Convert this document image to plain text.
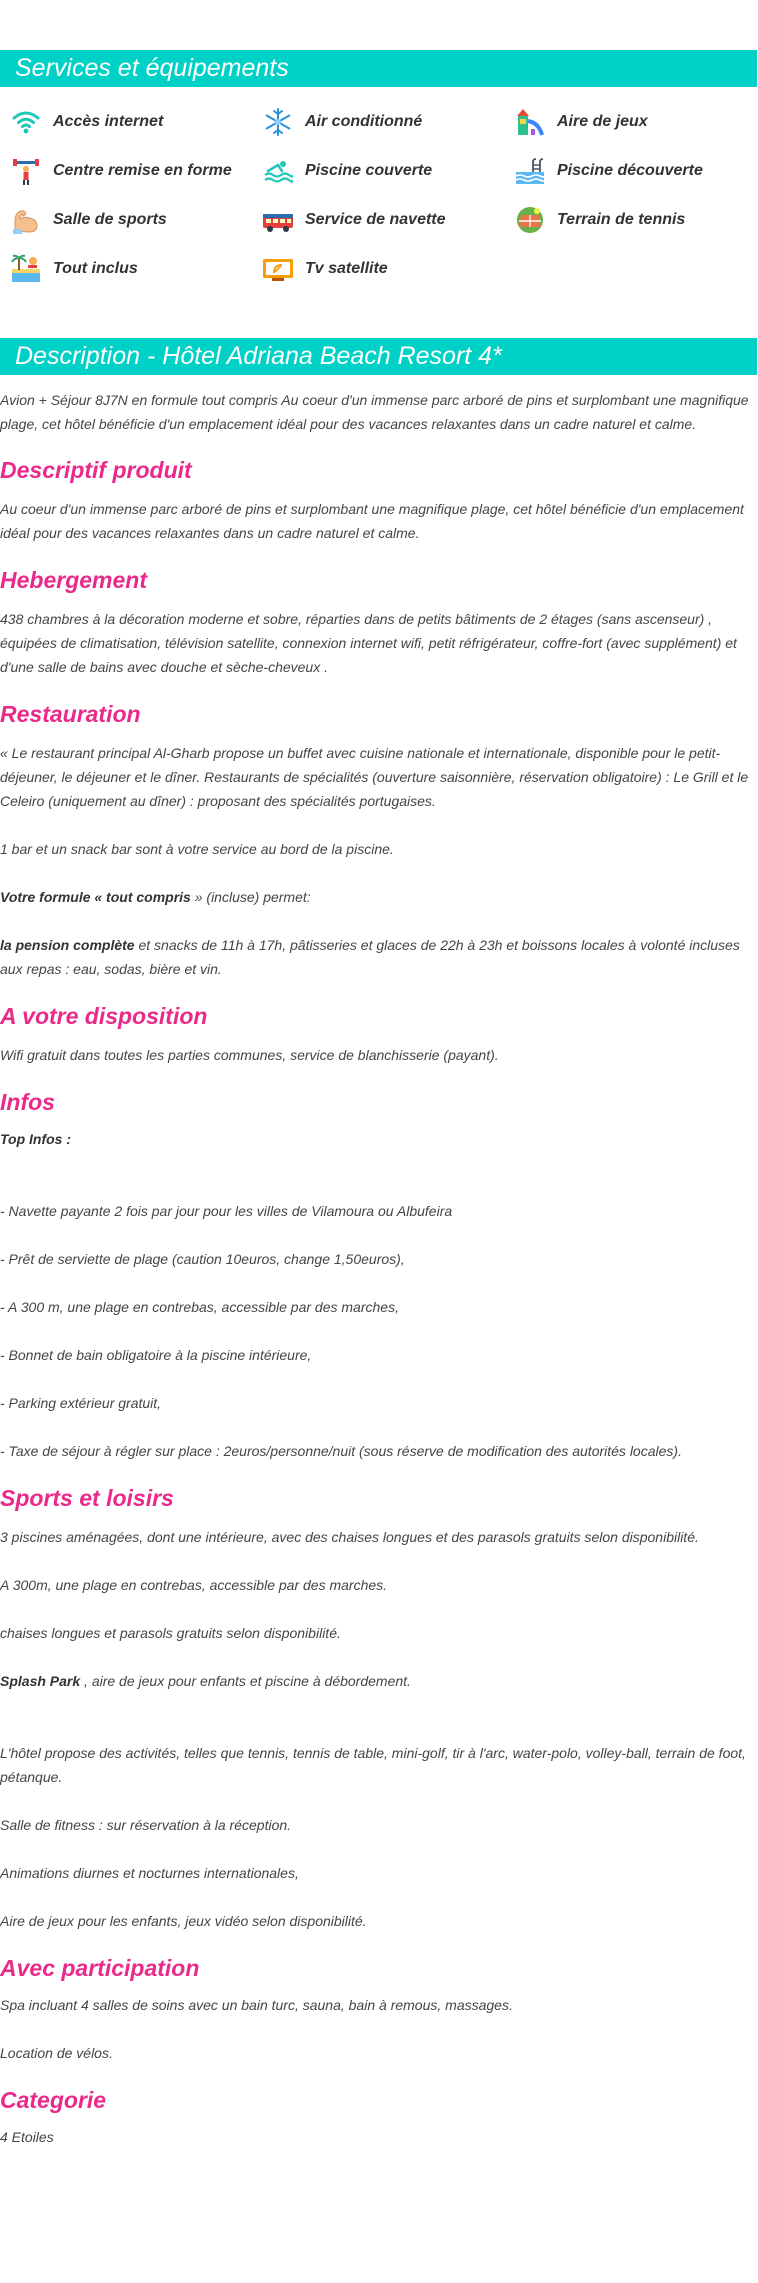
Services et équipements
Accès internet	Air conditionné	Aire de jeux
Centre remise en forme	Piscine couverte	Piscine découverte
Salle de sports	Service de navette	Terrain de tennis
Tout inclus	Tv satellite
Description - Hôtel Adriana Beach Resort 4*

Avion + Séjour 8J7N en formule tout compris Au coeur d'un immense parc arboré de pins et surplombant une magnifique plage, cet hôtel bénéficie d'un emplacement idéal pour des vacances relaxantes dans un cadre naturel et calme.

Descriptif produit

Au coeur d'un immense parc arboré de pins et surplombant une magnifique plage, cet hôtel bénéficie d'un emplacement idéal pour des vacances relaxantes dans un cadre naturel et calme.

Hebergement

438 chambres à la décoration moderne et sobre, réparties dans de petits bâtiments de 2 étages (sans ascenseur) , équipées de climatisation, télévision satellite, connexion internet wifi, petit réfrigérateur, coffre-fort (avec supplément) et d'une salle de bains avec douche et sèche-cheveux .

Restauration

« Le restaurant principal Al-Gharb propose un buffet avec cuisine nationale et internationale, disponible pour le petit-déjeuner, le déjeuner et le dîner. Restaurants de spécialités (ouverture saisonnière, réservation obligatoire) : Le Grill et le Celeiro (uniquement au dîner) : proposant des spécialités portugaises.

1 bar et un snack bar sont à votre service au bord de la piscine.

Votre formule « tout compris » (incluse) permet:

la pension complète et snacks de 11h à 17h, pâtisseries et glaces de 22h à 23h et boissons locales à volonté incluses aux repas : eau, sodas, bière et vin.

A votre disposition

Wifi gratuit dans toutes les parties communes, service de blanchisserie (payant).

Infos

Top Infos :

- Navette payante 2 fois par jour pour les villes de Vilamoura ou Albufeira

- Prêt de serviette de plage (caution 10euros, change 1,50euros),

- A 300 m, une plage en contrebas, accessible par des marches,

- Bonnet de bain obligatoire à la piscine intérieure,

- Parking extérieur gratuit,

- Taxe de séjour à régler sur place : 2euros/personne/nuit (sous réserve de modification des autorités locales).

Sports et loisirs

3 piscines aménagées, dont une intérieure, avec des chaises longues et des parasols gratuits selon disponibilité.

A 300m, une plage en contrebas, accessible par des marches.

chaises longues et parasols gratuits selon disponibilité.

Splash Park , aire de jeux pour enfants et piscine à débordement.

L'hôtel propose des activités, telles que tennis, tennis de table, mini-golf, tir à l'arc, water-polo, volley-ball, terrain de foot, pétanque.

Salle de fitness : sur réservation à la réception.

Animations diurnes et nocturnes internationales,

Aire de jeux pour les enfants, jeux vidéo selon disponibilité.

Avec participation

Spa incluant 4 salles de soins avec un bain turc, sauna, bain à remous, massages.

Location de vélos.

Categorie

4 Etoiles
